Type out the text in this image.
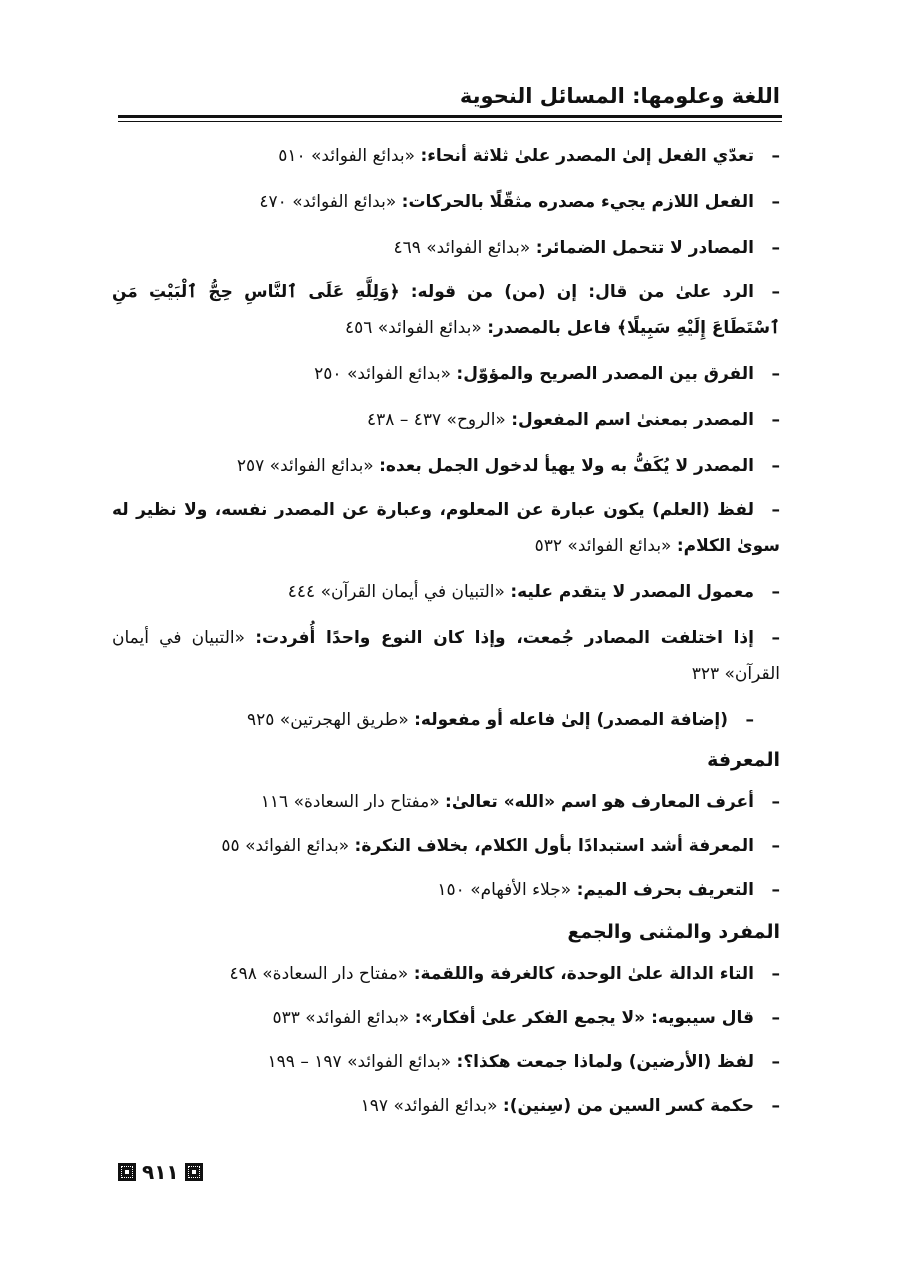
اللغة وعلومها: المسائل النحوية
–تعدّي الفعل إلىٰ المصدر علىٰ ثلاثة أنحاء: «بدائع الفوائد» ٥١٠
–الفعل اللازم يجيء مصدره مثقّلًا بالحركات: «بدائع الفوائد» ٤٧٠
–المصادر لا تتحمل الضمائر: «بدائع الفوائد» ٤٦٩
–الرد علىٰ من قال: إن (من) من قوله: ﴿وَلِلَّهِ عَلَى ٱلنَّاسِ حِجُّ ٱلْبَيْتِ مَنِ ٱسْتَطَاعَ إِلَيْهِ سَبِيلًا﴾ فاعل بالمصدر: «بدائع الفوائد» ٤٥٦
–الفرق بين المصدر الصريح والمؤوّل: «بدائع الفوائد» ٢٥٠
–المصدر بمعنىٰ اسم المفعول: «الروح» ٤٣٧ – ٤٣٨
–المصدر لا يُكَفُّ به ولا يهيأ لدخول الجمل بعده: «بدائع الفوائد» ٢٥٧
–لفظ (العلم) يكون عبارة عن المعلوم، وعبارة عن المصدر نفسه، ولا نظير له سوىٰ الكلام: «بدائع الفوائد» ٥٣٢
–معمول المصدر لا يتقدم عليه: «التبيان في أيمان القرآن» ٤٤٤
–إذا اختلفت المصادر جُمعت، وإذا كان النوع واحدًا أُفردت: «التبيان في أيمان القرآن» ٣٢٣
–(إضافة المصدر) إلىٰ فاعله أو مفعوله: «طريق الهجرتين» ٩٢٥
المعرفة
–أعرف المعارف هو اسم «الله» تعالىٰ: «مفتاح دار السعادة» ١١٦
–المعرفة أشد استبدادًا بأول الكلام، بخلاف النكرة: «بدائع الفوائد» ٥٥
–التعريف بحرف الميم: «جلاء الأفهام» ١٥٠
المفرد والمثنى والجمع
–التاء الدالة علىٰ الوحدة، كالغرفة واللقمة: «مفتاح دار السعادة» ٤٩٨
–قال سيبويه: «لا يجمع الفكر علىٰ أفكار»: «بدائع الفوائد» ٥٣٣
–لفظ (الأرضين) ولماذا جمعت هكذا؟: «بدائع الفوائد» ١٩٧ – ١٩٩
–حكمة كسر السين من (سِنين): «بدائع الفوائد» ١٩٧
٩١١
